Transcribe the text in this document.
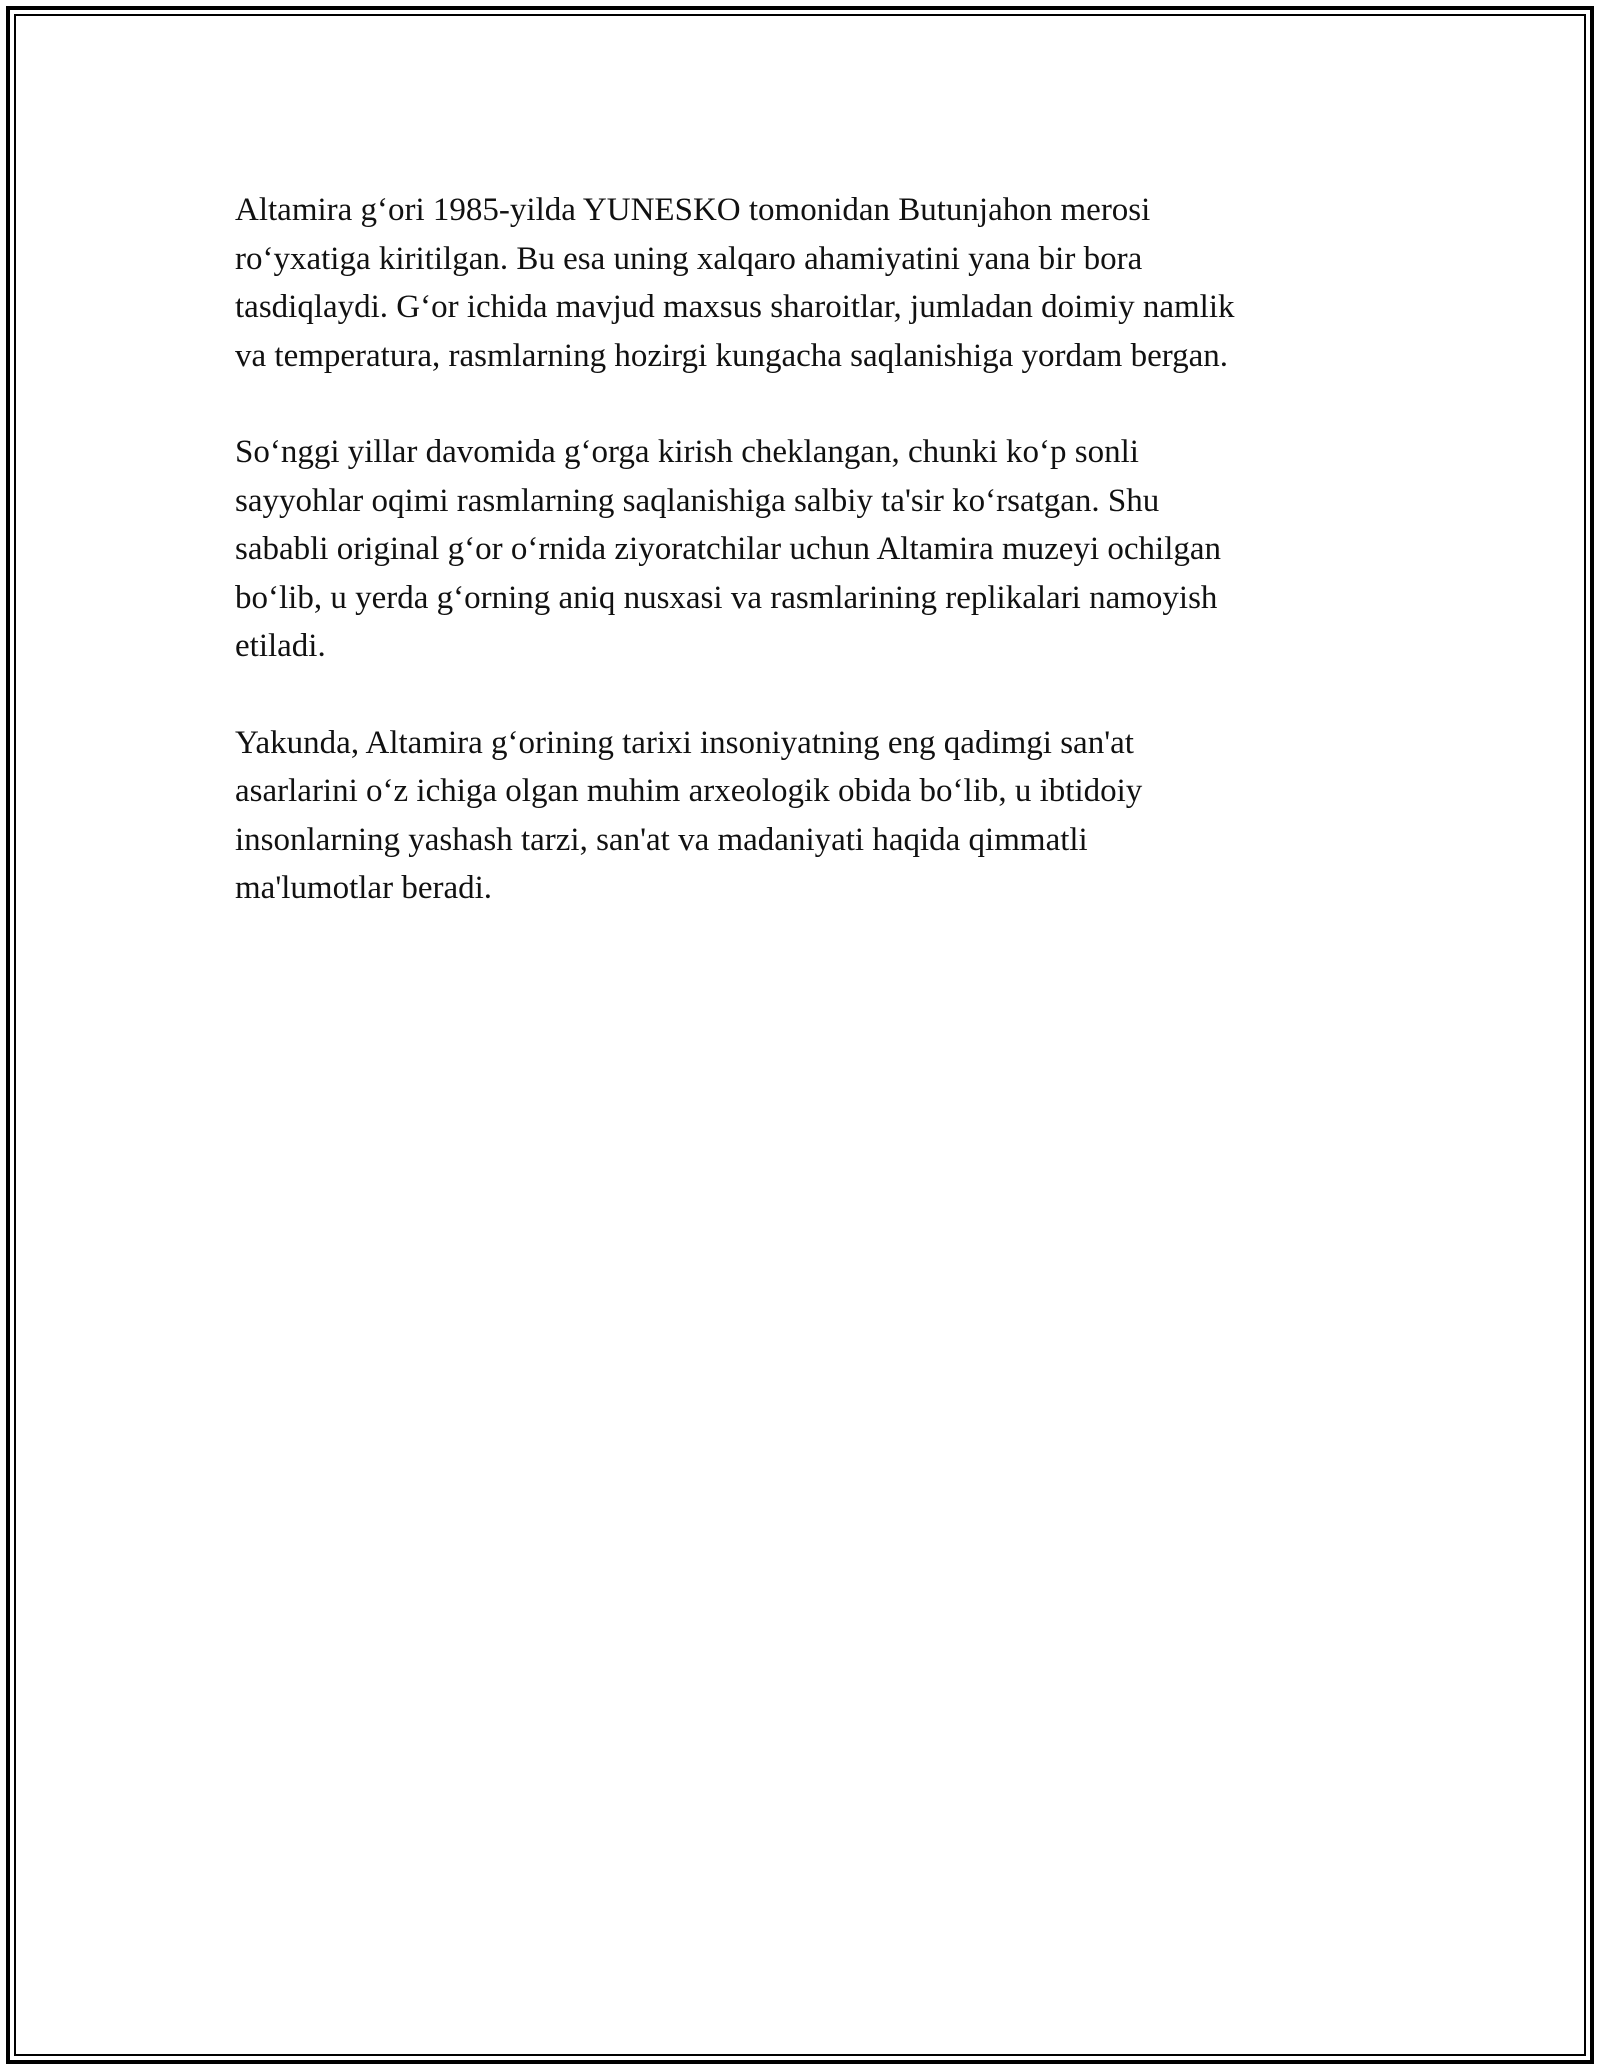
Altamira g‘ori 1985-yilda YUNESKO tomonidan Butunjahon merosi
ro‘yxatiga kiritilgan. Bu esa uning xalqaro ahamiyatini yana bir bora
tasdiqlaydi. G‘or ichida mavjud maxsus sharoitlar, jumladan doimiy namlik
va temperatura, rasmlarning hozirgi kungacha saqlanishiga yordam bergan.

So‘nggi yillar davomida g‘orga kirish cheklangan, chunki ko‘p sonli
sayyohlar oqimi rasmlarning saqlanishiga salbiy ta'sir ko‘rsatgan. Shu
sababli original g‘or o‘rnida ziyoratchilar uchun Altamira muzeyi ochilgan
bo‘lib, u yerda g‘orning aniq nusxasi va rasmlarining replikalari namoyish
etiladi.

Yakunda, Altamira g‘orining tarixi insoniyatning eng qadimgi san'at
asarlarini o‘z ichiga olgan muhim arxeologik obida bo‘lib, u ibtidoiy
insonlarning yashash tarzi, san'at va madaniyati haqida qimmatli
ma'lumotlar beradi.
